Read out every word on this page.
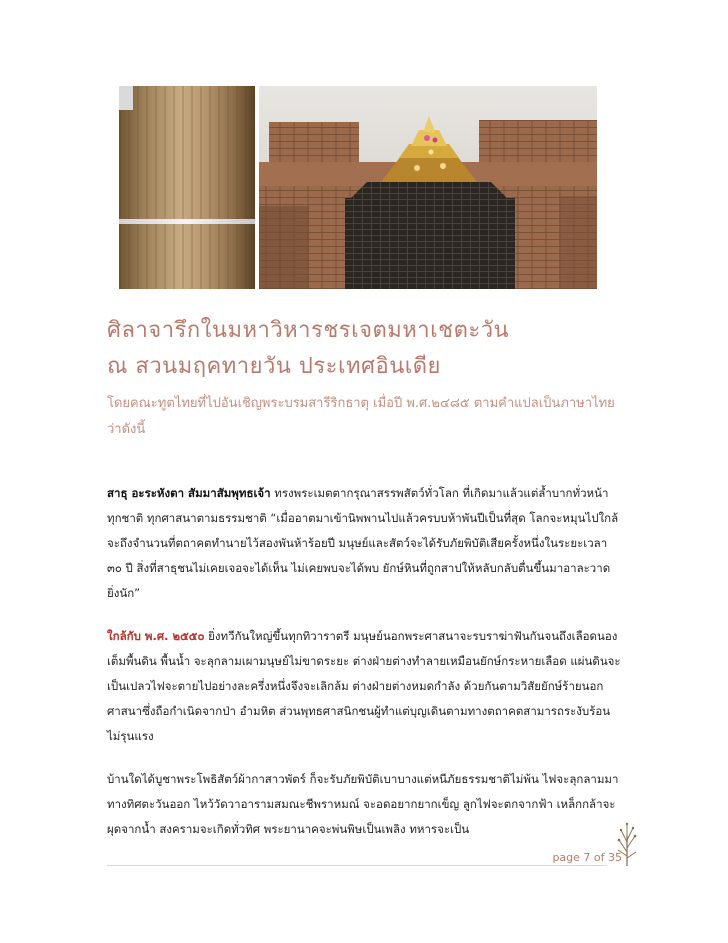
ศิลาจารึกในมหาวิหารชรเจตมหาเชตะวัน
ณ สวนมฤคทายวัน ประเทศอินเดีย

โดยคณะทูตไทยที่ไปอันเชิญพระบรมสารีริกธาตุ เมื่อปี พ.ศ.๒๔๘๕ ตามคำแปลเป็นภาษาไทย ว่าดังนี้

สาธุ อะระหังตา สัมมาสัมพุทธเจ้า ทรงพระเมตตากรุณาสรรพสัตว์ทั่วโลก ที่เกิดมาแล้วแต่ล้ำบากทั่วหน้า ทุกชาติ ทุกศาสนาตามธรรมชาติ “เมื่ออาตมาเข้านิพพานไปแล้วครบบห้าพันปีเป็นที่สุด โลกจะหมุนไปใกล้จะถึงจำนวนที่ตถาคตทำนายไว้สองพันห้าร้อยปี มนุษย์และสัตว์จะได้รับภัยพิบัติเสียครั้งหนึ่งในระยะเวลา ๓๐ ปี สิ่งที่สาธุชนไม่เคยเจอจะได้เห็น ไม่เคยพบจะได้พบ ยักษ์หินที่ถูกสาปให้หลับกลับตื่นขึ้นมาอาละวาดยิ่งนัก”

ใกล้กับ พ.ศ. ๒๕๕๐ ยิ่งทวีกันใหญ่ขึ้นทุกทิวาราตรี มนุษย์นอกพระศาสนาจะรบราฆ่าฟันกันจนถึงเลือดนองเต็มพื้นดิน พื้นน้ำ จะลุกลามเผามนุษย์ไม่ขาดระยะ ต่างฝ่ายต่างทำลายเหมือนยักษ์กระหายเลือด แผ่นดินจะเป็นเปลวไฟจะตายไปอย่างละครึ่งหนึ่งจึงจะเลิกล้ม ต่างฝ่ายต่างหมดกำลัง ด้วยกันตามวิสัยยักษ์ร้ายนอกศาสนาซึ่งถือกำเนิดจากป่า อำมหิต ส่วนพุทธศาสนิกชนผู้ทำแต่บุญเดินตามทางตถาคตสามารถระงับร้อนไม่รุนแรง

บ้านใดได้บูชาพระโพธิสัตว์ผ้ากาสาวพัตร์ ก็จะรับภัยพิบัติเบาบางแต่หนีภัยธรรมชาติไม่พ้น ไฟจะลุกลามมาทางทิศตะวันออก ไหว้วัดวาอารามสมณะชีพราหมณ์ จะอดอยากยากเข็ญ ลูกไฟจะตกจากฟ้า เหล็กกล้าจะผุดจากน้ำ สงครามจะเกิดทั่วทิศ พระยานาคจะพ่นพิษเป็นเพลิง ทหารจะเป็น

page 7 of 35
